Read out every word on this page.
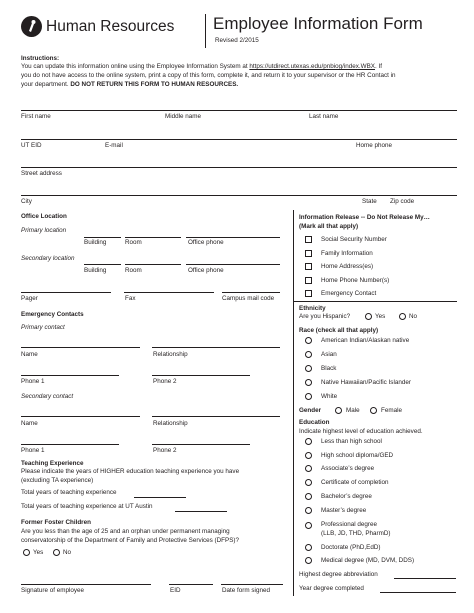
Human Resources Employee Information Form
Revised 2/2015
Instructions:
You can update this information online using the Employee Information System at https://utdirect.utexas.edu/pnbiog/index.WBX. If
you do not have access to the online system, print a copy of this form, complete it, and return it to your supervisor or the HR Contact in
your department. DO NOT RETURN THIS FORM TO HUMAN RESOURCES.
First name	Middle name	Last name
UT EID	E-mail	Home phone
Street address
City	State Zip code
Office Location
Primary location
Building	Room	Office phone
Secondary location
Building	Room	Office phone
Pager	Fax	Campus mail code
Emergency Contacts
Primary contact
Name	Relationship
Phone 1	Phone 2
Secondary contact
Name	Relationship
Phone 1	Phone 2
Teaching Experience
Please indicate the years of HIGHER education teaching experience you have
(excluding TA experience)
Total years of teaching experience
Total years of teaching experience at UT Austin
Former Foster Children
Are you less than the age of 25 and an orphan under permanent managing
conservatorship of the Department of Family and Protective Services (DFPS)?
Yes	No
Signature of employee	EID	Date form signed
Information Release -- Do Not Release My…
(Mark all that apply)
Social Security Number
Family Information
Home Address(es)
Home Phone Number(s)
Emergency Contact
Ethnicity
Are you Hispanic?	Yes	No
Race (check all that apply)
American Indian/Alaskan native
Asian
Black
Native Hawaiian/Pacific Islander
White
Gender	Male	Female
Education
Indicate highest level of education achieved.
Less than high school
High school diploma/GED
Associate’s degree
Certificate of completion
Bachelor’s degree
Master’s degree
Professional degree
(LLB, JD, THD, PharmD)
Doctorate (PhD,EdD)
Medical degree (MD, DVM, DDS)
Highest degree abbreviation
Year degree completed
